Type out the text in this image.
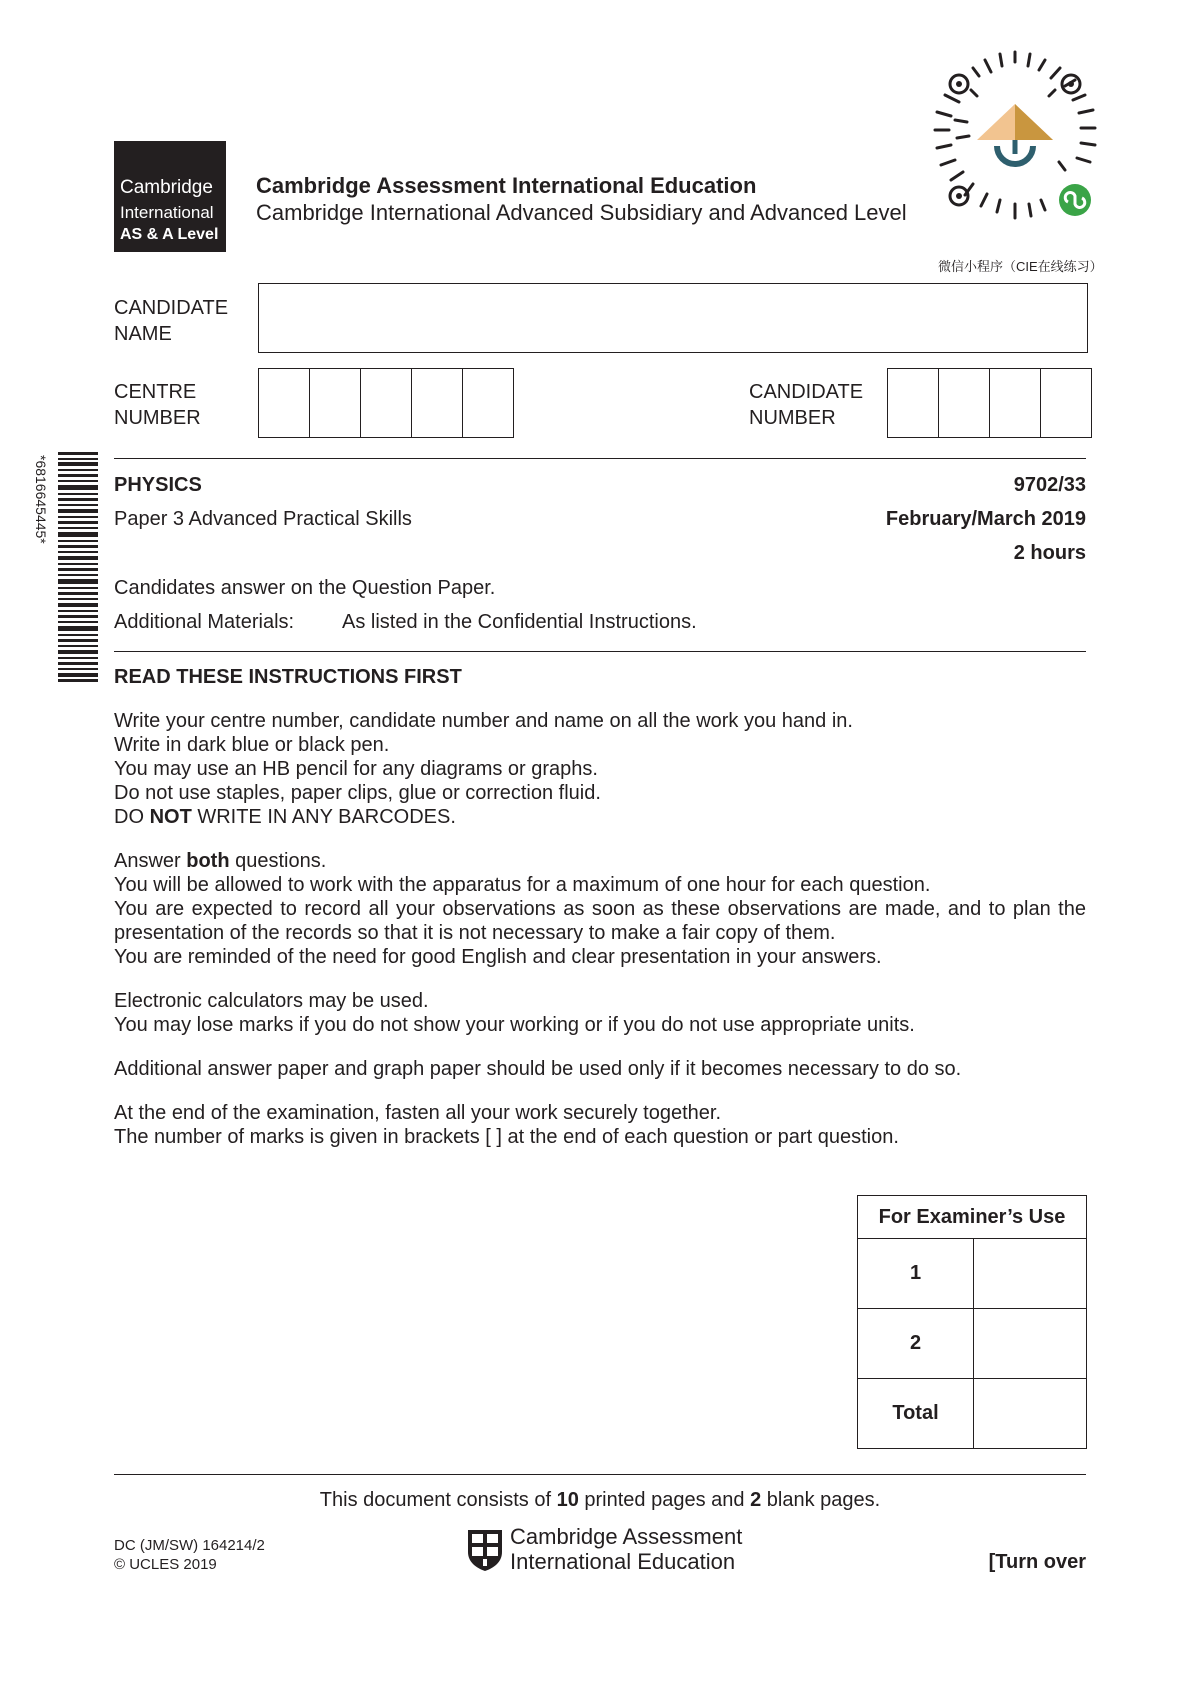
Cambridge
International
AS & A Level
Cambridge Assessment International Education
Cambridge International Advanced Subsidiary and Advanced Level
微信小程序（CIE在线练习）
CANDIDATE
NAME
CENTRE
NUMBER
CANDIDATE
NUMBER
*6816645445*	PHYSICS	9702/33
Paper 3 Advanced Practical Skills	February/March 2019
2 hours
Candidates answer on the Question Paper.
Additional Materials: As listed in the Confidential Instructions.
READ THESE INSTRUCTIONS FIRST

Write your centre number, candidate number and name on all the work you hand in.

Write in dark blue or black pen.

You may use an HB pencil for any diagrams or graphs.

Do not use staples, paper clips, glue or correction fluid.

DO NOT WRITE IN ANY BARCODES.

Answer both questions.

You will be allowed to work with the apparatus for a maximum of one hour for each question.

You are expected to record all your observations as soon as these observations are made, and to plan the

presentation of the records so that it is not necessary to make a fair copy of them.

You are reminded of the need for good English and clear presentation in your answers.

Electronic calculators may be used.

You may lose marks if you do not show your working or if you do not use appropriate units.

Additional answer paper and graph paper should be used only if it becomes necessary to do so.

At the end of the examination, fasten all your work securely together.

The number of marks is given in brackets [ ] at the end of each question or part question.

For Examiner’s Use	
1	
2	
Total	
This document consists of 10 printed pages and 2 blank pages.
DC (JM/SW) 164214/2
© UCLES 2019
Cambridge Assessment
International Education	[Turn over
